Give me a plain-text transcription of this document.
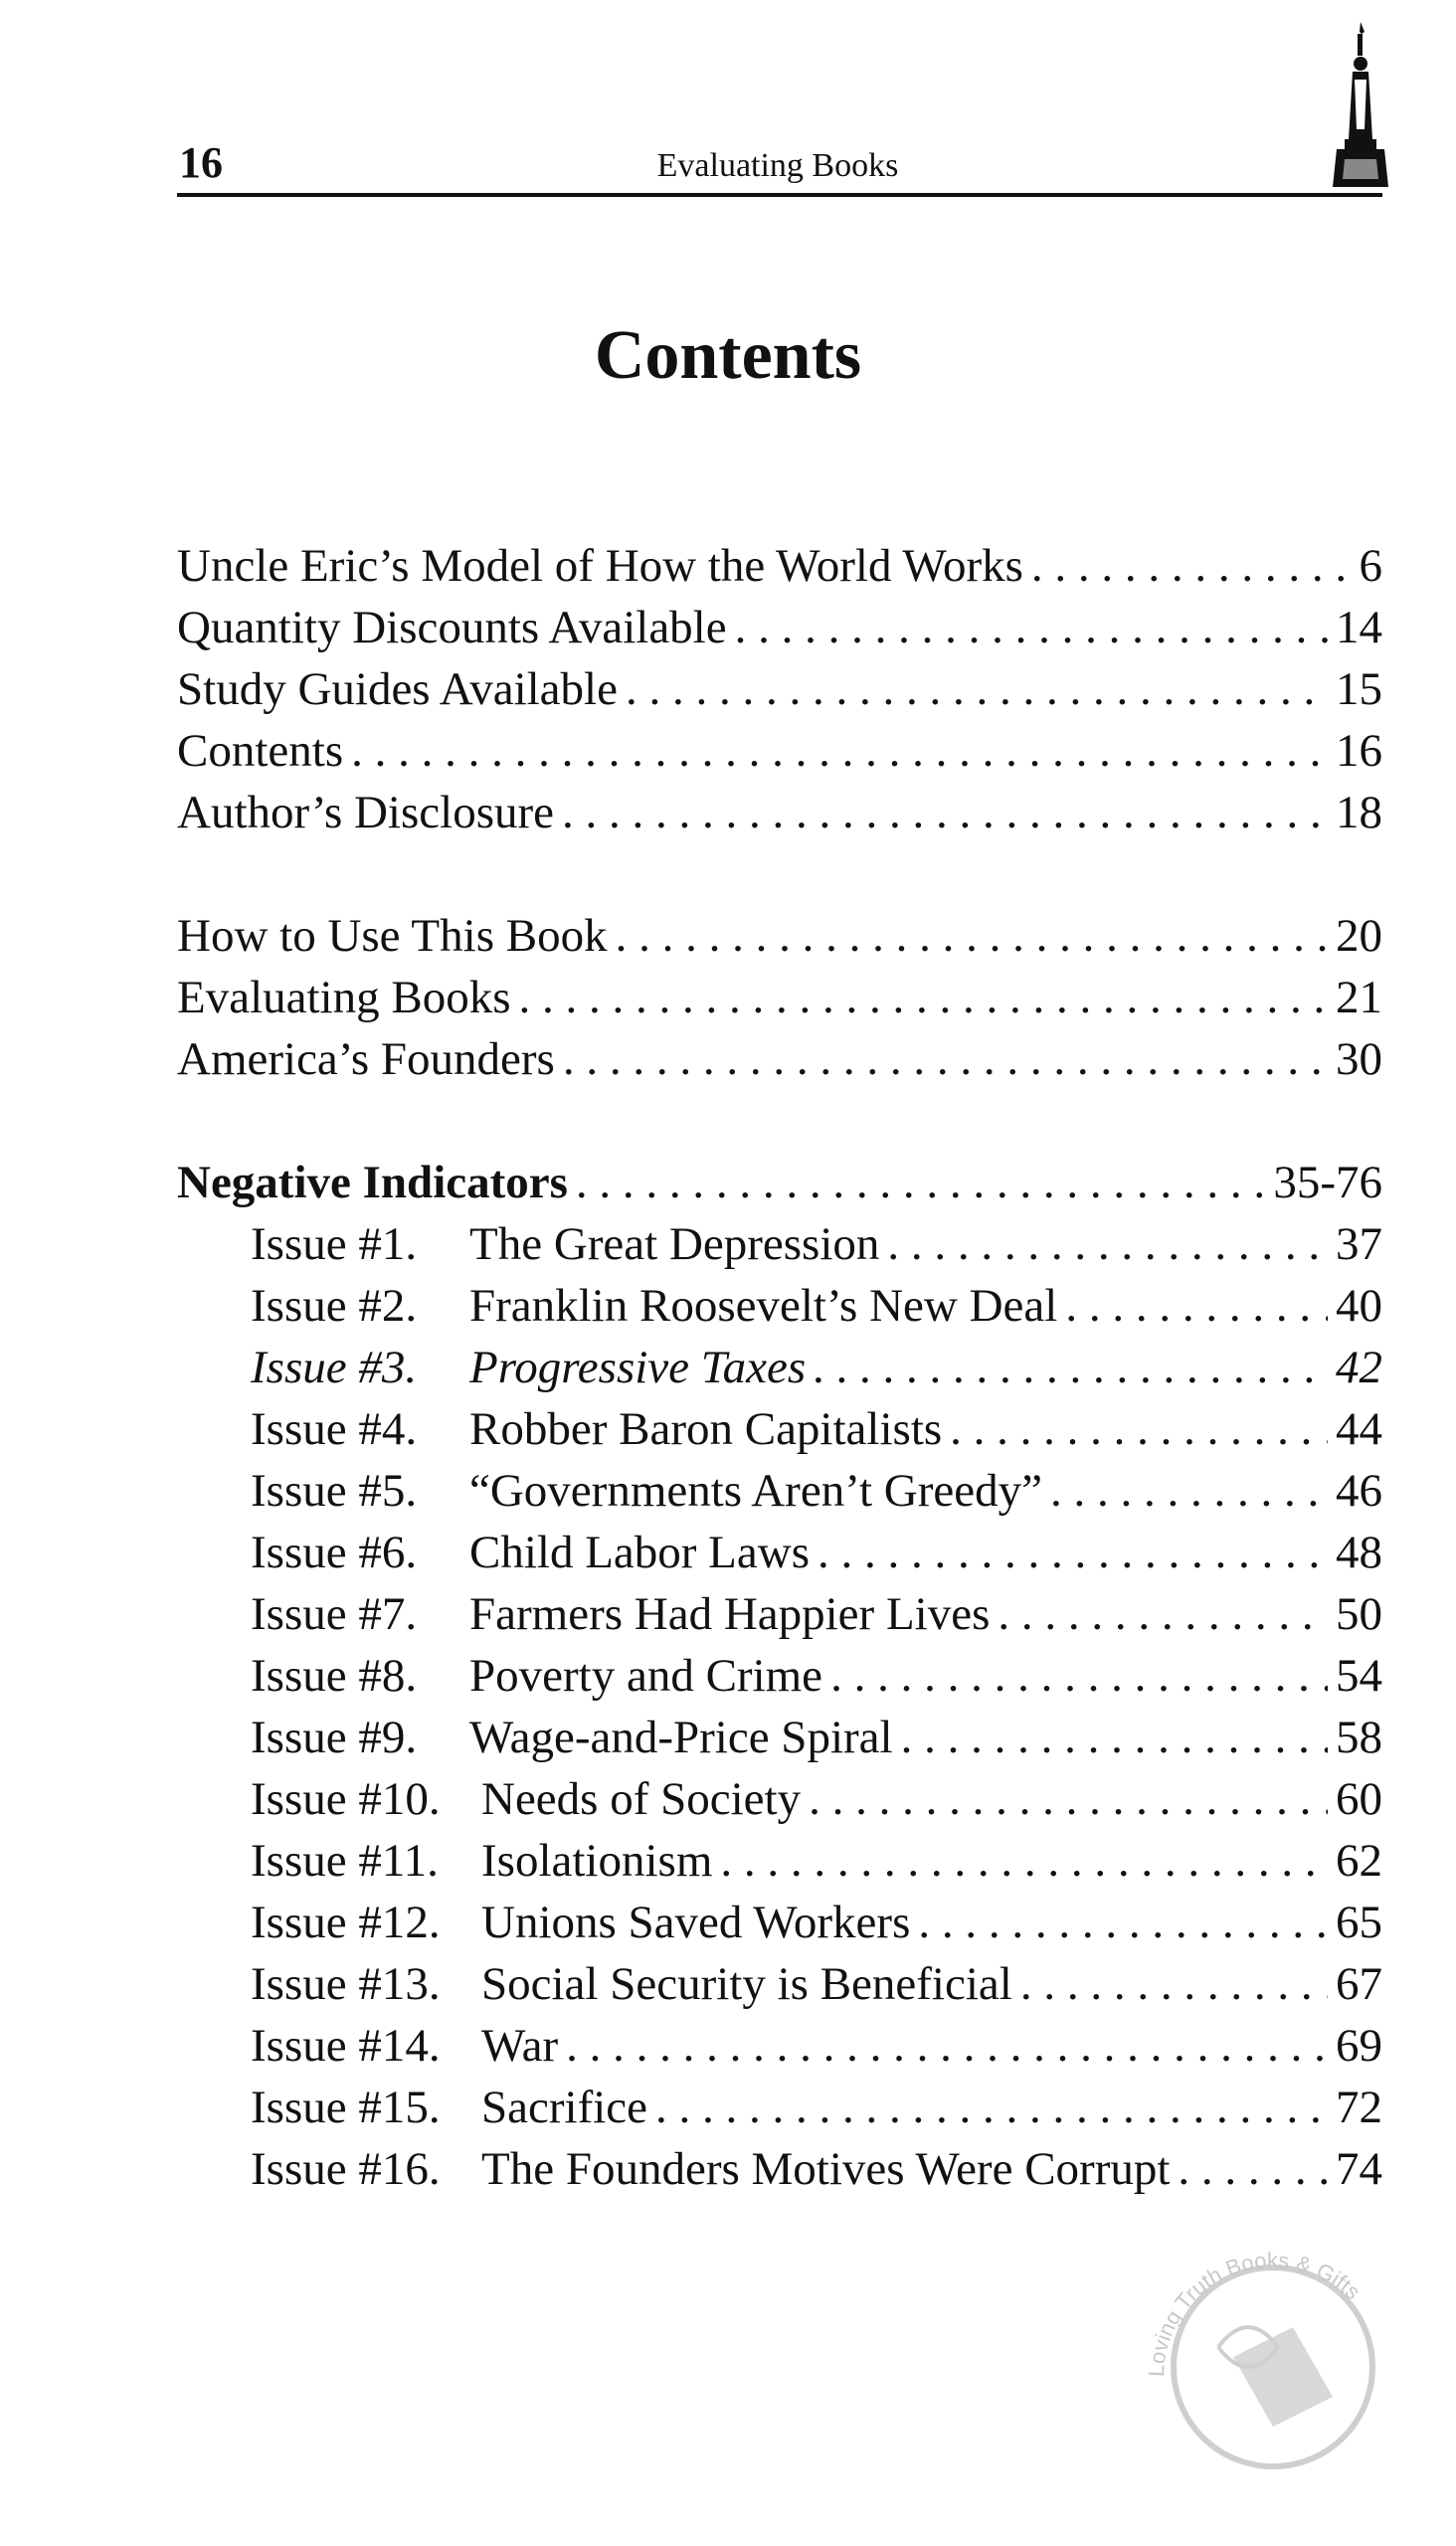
16	Evaluating Books
Contents
Uncle Eric’s Model of How the World Works . . .	6
Quantity Discounts Available . . .	14
Study Guides Available . . .	15
Contents . . .	16
Author’s Disclosure . . .	18
How to Use This Book . . .	20
Evaluating Books . . .	21
America’s Founders . . .	30
Negative Indicators . . .	35-76
Issue #1. The Great Depression . . .	37
Issue #2. Franklin Roosevelt’s New Deal . . .	40
Issue #3. Progressive Taxes . . .	42
Issue #4. Robber Baron Capitalists . . .	44
Issue #5. “Governments Aren’t Greedy” . . .	46
Issue #6. Child Labor Laws . . .	48
Issue #7. Farmers Had Happier Lives . . .	50
Issue #8. Poverty and Crime . . .	54
Issue #9. Wage-and-Price Spiral . . .	58
Issue #10. Needs of Society . . .	60
Issue #11. Isolationism . . .	62
Issue #12. Unions Saved Workers . . .	65
Issue #13. Social Security is Beneficial . . .	67
Issue #14. War . . .	69
Issue #15. Sacrifice . . .	72
Issue #16. The Founders Motives Were Corrupt . . .	74
Loving Truth Books & Gifts
